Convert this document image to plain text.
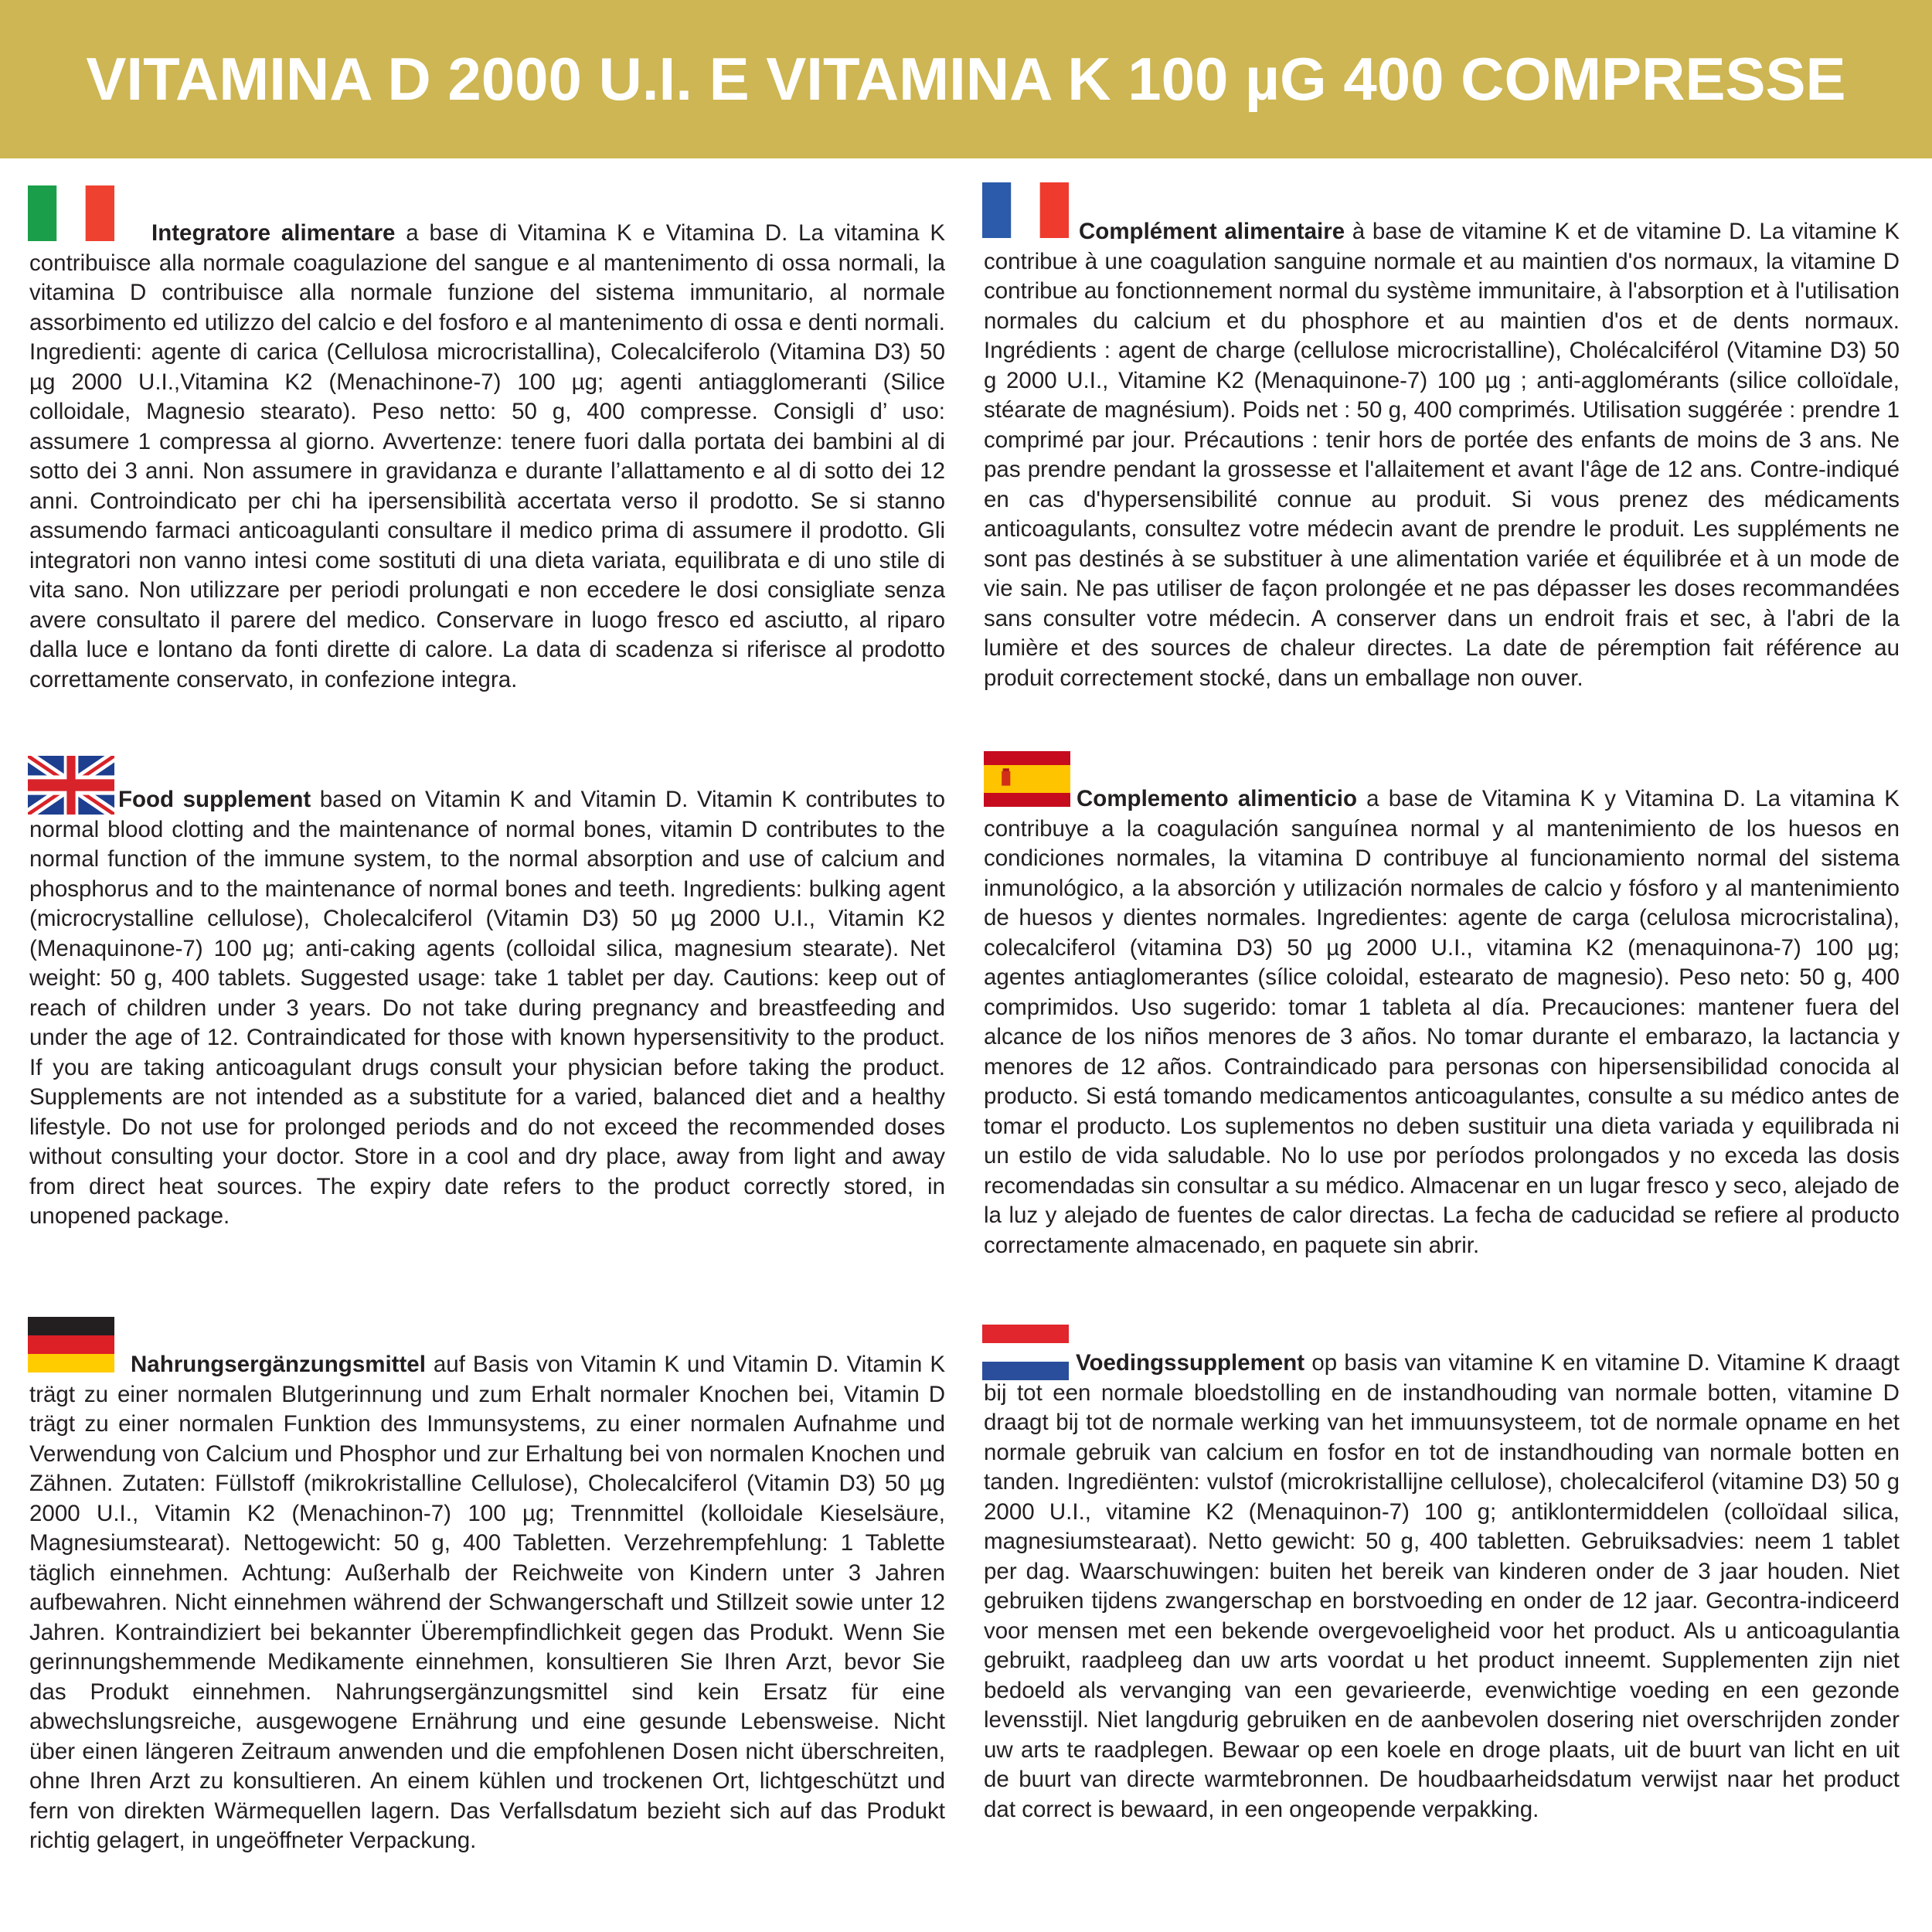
VITAMINA D 2000 U.I. E VITAMINA K 100 µG 400 COMPRESSE

Integratore alimentare a base di Vitamina K e Vitamina D. La vitamina K contribuisce alla normale coagulazione del sangue e al mantenimento di ossa normali, la vitamina D contribuisce alla normale funzione del sistema immunitario, al normale assorbimento ed utilizzo del calcio e del fosforo e al mantenimento di ossa e denti normali. Ingredienti: agente di carica (Cellulosa microcristallina), Colecalciferolo (Vitamina D3) 50 µg 2000 U.I.,Vitamina K2 (Menachinone-7) 100 µg; agenti antiagglomeranti (Silice colloidale, Magnesio stearato). Peso netto: 50 g, 400 compresse. Consigli d’ uso: assumere 1 compressa al giorno. Avvertenze: tenere fuori dalla portata dei bambini al di sotto dei 3 anni. Non assumere in gravidanza e durante l’allattamento e al di sotto dei 12 anni. Controindicato per chi ha ipersensibilità accertata verso il prodotto. Se si stanno assumendo farmaci anticoagulanti consultare il medico prima di assumere il prodotto. Gli integratori non vanno intesi come sostituti di una dieta variata, equilibrata e di uno stile di vita sano. Non utilizzare per periodi prolungati e non eccedere le dosi consigliate senza avere consultato il parere del medico. Conservare in luogo fresco ed asciutto, al riparo dalla luce e lontano da fonti dirette di calore. La data di scadenza si riferisce al prodotto correttamente conservato, in confezione integra.

Complément alimentaire à base de vitamine K et de vitamine D. La vitamine K contribue à une coagulation sanguine normale et au maintien d'os normaux, la vitamine D contribue au fonctionnement normal du système immunitaire, à l'absorption et à l'utilisation normales du calcium et du phosphore et au maintien d'os et de dents normaux. Ingrédients : agent de charge (cellulose microcristalline), Cholécalciférol (Vitamine D3) 50 g 2000 U.I., Vitamine K2 (Menaquinone-7) 100 µg ; anti-agglomérants (silice colloïdale, stéarate de magnésium). Poids net : 50 g, 400 comprimés. Utilisation suggérée : prendre 1 comprimé par jour. Précautions : tenir hors de portée des enfants de moins de 3 ans. Ne pas prendre pendant la grossesse et l'allaitement et avant l'âge de 12 ans. Contre-indiqué en cas d'hypersensibilité connue au produit. Si vous prenez des médicaments anticoagulants, consultez votre médecin avant de prendre le produit. Les suppléments ne sont pas destinés à se substituer à une alimentation variée et équilibrée et à un mode de vie sain. Ne pas utiliser de façon prolongée et ne pas dépasser les doses recommandées sans consulter votre médecin. A conserver dans un endroit frais et sec, à l'abri de la lumière et des sources de chaleur directes. La date de péremption fait référence au produit correctement stocké, dans un emballage non ouver.

Food supplement based on Vitamin K and Vitamin D. Vitamin K contributes to normal blood clotting and the maintenance of normal bones, vitamin D contributes to the normal function of the immune system, to the normal absorption and use of calcium and phosphorus and to the maintenance of normal bones and teeth. Ingredients: bulking agent (microcrystalline cellulose), Cholecalciferol (Vitamin D3) 50 µg 2000 U.I., Vitamin K2 (Menaquinone-7) 100 µg; anti-caking agents (colloidal silica, magnesium stearate). Net weight: 50 g, 400 tablets. Suggested usage: take 1 tablet per day. Cautions: keep out of reach of children under 3 years. Do not take during pregnancy and breastfeeding and under the age of 12. Contraindicated for those with known hypersensitivity to the product. If you are taking anticoagulant drugs consult your physician before taking the product. Supplements are not intended as a substitute for a varied, balanced diet and a healthy lifestyle. Do not use for prolonged periods and do not exceed the recommended doses without consulting your doctor. Store in a cool and dry place, away from light and away from direct heat sources. The expiry date refers to the product correctly stored, in unopened package.

Complemento alimenticio a base de Vitamina K y Vitamina D. La vitamina K contribuye a la coagulación sanguínea normal y al mantenimiento de los huesos en condiciones normales, la vitamina D contribuye al funcionamiento normal del sistema inmunológico, a la absorción y utilización normales de calcio y fósforo y al mantenimiento de huesos y dientes normales. Ingredientes: agente de carga (celulosa microcristalina), colecalciferol (vitamina D3) 50 µg 2000 U.I., vitamina K2 (menaquinona-7) 100 µg; agentes antiaglomerantes (sílice coloidal, estearato de magnesio). Peso neto: 50 g, 400 comprimidos. Uso sugerido: tomar 1 tableta al día. Precauciones: mantener fuera del alcance de los niños menores de 3 años. No tomar durante el embarazo, la lactancia y menores de 12 años. Contraindicado para personas con hipersensibilidad conocida al producto. Si está tomando medicamentos anticoagulantes, consulte a su médico antes de tomar el producto. Los suplementos no deben sustituir una dieta variada y equilibrada ni un estilo de vida saludable. No lo use por períodos prolongados y no exceda las dosis recomendadas sin consultar a su médico. Almacenar en un lugar fresco y seco, alejado de la luz y alejado de fuentes de calor directas. La fecha de caducidad se refiere al producto correctamente almacenado, en paquete sin abrir.

Nahrungsergänzungsmittel auf Basis von Vitamin K und Vitamin D. Vitamin K trägt zu einer normalen Blutgerinnung und zum Erhalt normaler Knochen bei, Vitamin D trägt zu einer normalen Funktion des Immunsystems, zu einer normalen Aufnahme und Verwendung von Calcium und Phosphor und zur Erhaltung bei von normalen Knochen und Zähnen. Zutaten: Füllstoff (mikrokristalline Cellulose), Cholecalciferol (Vitamin D3) 50 µg 2000 U.I., Vitamin K2 (Menachinon-7) 100 µg; Trennmittel (kolloidale Kieselsäure, Magnesiumstearat). Nettogewicht: 50 g, 400 Tabletten. Verzehrempfehlung: 1 Tablette täglich einnehmen. Achtung: Außerhalb der Reichweite von Kindern unter 3 Jahren aufbewahren. Nicht einnehmen während der Schwangerschaft und Stillzeit sowie unter 12 Jahren. Kontraindiziert bei bekannter Überempfindlichkeit gegen das Produkt. Wenn Sie gerinnungshemmende Medikamente einnehmen, konsultieren Sie Ihren Arzt, bevor Sie das Produkt einnehmen. Nahrungsergänzungsmittel sind kein Ersatz für eine abwechslungsreiche, ausgewogene Ernährung und eine gesunde Lebensweise. Nicht über einen längeren Zeitraum anwenden und die empfohlenen Dosen nicht überschreiten, ohne Ihren Arzt zu konsultieren. An einem kühlen und trockenen Ort, lichtgeschützt und fern von direkten Wärmequellen lagern. Das Verfallsdatum bezieht sich auf das Produkt richtig gelagert, in ungeöffneter Verpackung.

Voedingssupplement op basis van vitamine K en vitamine D. Vitamine K draagt bij tot een normale bloedstolling en de instandhouding van normale botten, vitamine D draagt bij tot de normale werking van het immuunsysteem, tot de normale opname en het normale gebruik van calcium en fosfor en tot de instandhouding van normale botten en tanden. Ingrediënten: vulstof (microkristallijne cellulose), cholecalciferol (vitamine D3) 50 g 2000 U.I., vitamine K2 (Menaquinon-7) 100 g; antiklontermiddelen (colloïdaal silica, magnesiumstearaat). Netto gewicht: 50 g, 400 tabletten. Gebruiksadvies: neem 1 tablet per dag. Waarschuwingen: buiten het bereik van kinderen onder de 3 jaar houden. Niet gebruiken tijdens zwangerschap en borstvoeding en onder de 12 jaar. Gecontra-indiceerd voor mensen met een bekende overgevoeligheid voor het product. Als u anticoagulantia gebruikt, raadpleeg dan uw arts voordat u het product inneemt. Supplementen zijn niet bedoeld als vervanging van een gevarieerde, evenwichtige voeding en een gezonde levensstijl. Niet langdurig gebruiken en de aanbevolen dosering niet overschrijden zonder uw arts te raadplegen. Bewaar op een koele en droge plaats, uit de buurt van licht en uit de buurt van directe warmtebronnen. De houdbaarheidsdatum verwijst naar het product dat correct is bewaard, in een ongeopende verpakking.
